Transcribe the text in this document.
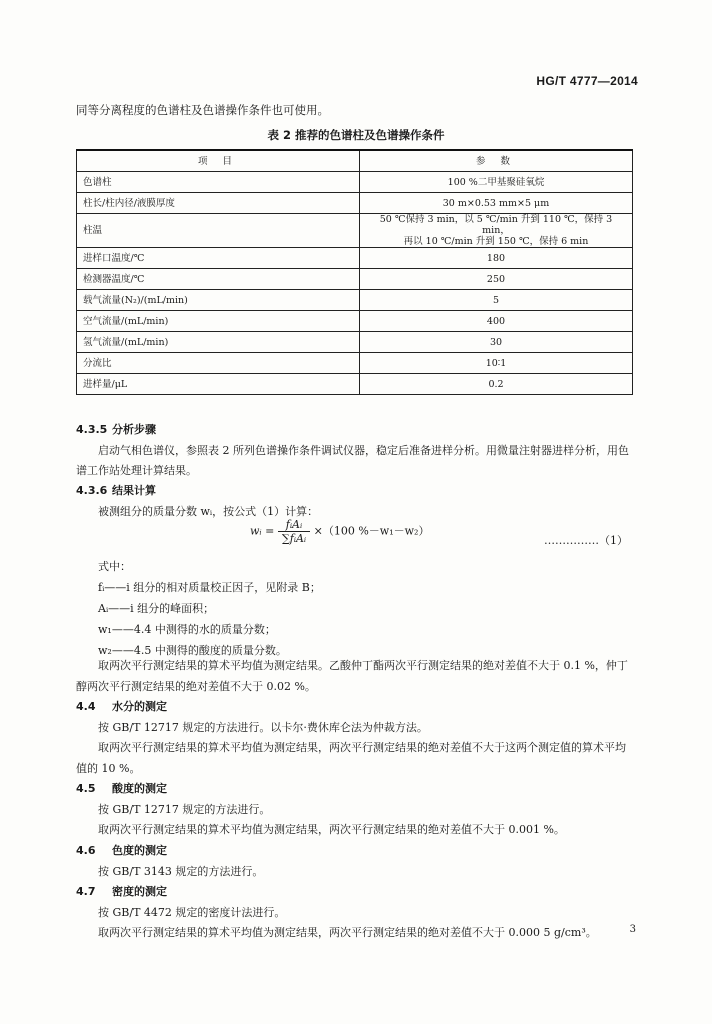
HG/T 4777—2014
同等分离程度的色谱柱及色谱操作条件也可使用。
表 2 推荐的色谱柱及色谱操作条件
项 目	参 数
色谱柱	100 %二甲基聚硅氧烷
柱长/柱内径/液膜厚度	30 m×0.53 mm×5 μm
柱温	50 ℃保持 3 min，以 5 ℃/min 升到 110 ℃，保持 3 min，
再以 10 ℃/min 升到 150 ℃，保持 6 min

进样口温度/℃	180
检测器温度/℃	250
载气流量(N₂)/(mL/min)	5
空气流量/(mL/min)	400
氢气流量/(mL/min)	30
分流比	10∶1
进样量/μL	0.2
4.3.5 分析步骤

启动气相色谱仪，参照表 2 所列色谱操作条件调试仪器，稳定后准备进样分析。用微量注射器进样分析，用色谱工作站处理计算结果。

4.3.6 结果计算

被测组分的质量分数 wᵢ，按公式（1）计算：

wᵢ = $\frac{\text{fᵢAᵢ}}{\text{∑fᵢAᵢ}} \times(100$ %－w₁－w₂）
……………（1）
式中：
fᵢ——i 组分的相对质量校正因子，见附录 B；
Aᵢ——i 组分的峰面积；
w₁——4.4 中测得的水的质量分数；
w₂——4.5 中测得的酸度的质量分数。

取两次平行测定结果的算术平均值为测定结果。乙酸仲丁酯两次平行测定结果的绝对差值不大于 0.1 %，仲丁醇两次平行测定结果的绝对差值不大于 0.02 %。

4.4 水分的测定

按 GB/T 12717 规定的方法进行。以卡尔·费休库仑法为仲裁方法。

取两次平行测定结果的算术平均值为测定结果，两次平行测定结果的绝对差值不大于这两个测定值的算术平均值的 10 %。

4.5 酸度的测定

按 GB/T 12717 规定的方法进行。

取两次平行测定结果的算术平均值为测定结果，两次平行测定结果的绝对差值不大于 0.001 %。

4.6 色度的测定

按 GB/T 3143 规定的方法进行。

4.7 密度的测定

按 GB/T 4472 规定的密度计法进行。

取两次平行测定结果的算术平均值为测定结果，两次平行测定结果的绝对差值不大于 0.000 5 g/cm³。	3
